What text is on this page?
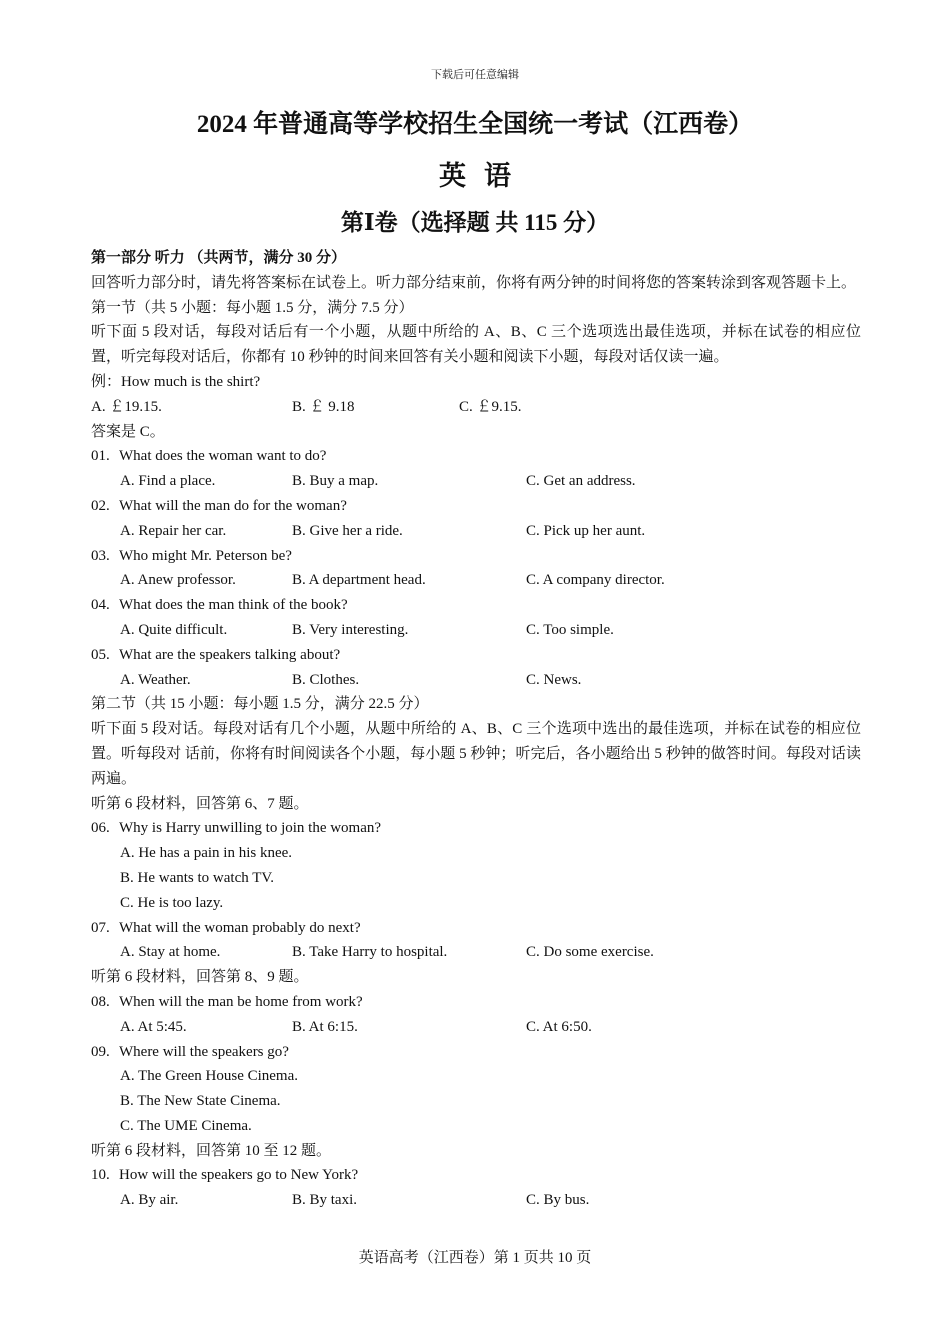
下载后可任意编辑
2024 年普通高等学校招生全国统一考试（江西卷）
英语
第Ⅰ卷（选择题 共 115 分）
第一部分 听力 （共两节，满分 30 分）
回答听力部分时，请先将答案标在试卷上。听力部分结束前，你将有两分钟的时间将您的答案转涂到客观答题卡上。
第一节（共 5 小题：每小题 1.5 分，满分 7.5 分）
听下面 5 段对话，每段对话后有一个小题，从题中所给的 A、B、C 三个选项选出最佳选项，并标在试卷的相应位置，听完每段对话后，你都有 10 秒钟的时间来回答有关小题和阅读下小题，每段对话仅读一遍。
例：How much is the shirt?
A. ￡19.15.	B. ￡ 9.18	C. ￡9.15.
答案是 C。
01. What does the woman want to do?
A. Find a place.	B. Buy a map.	C. Get an address.
02. What will the man do for the woman?
A. Repair her car.	B. Give her a ride.	C. Pick up her aunt.
03. Who might Mr. Peterson be?
A. Anew professor.	B. A department head.	C. A company director.
04. What does the man think of the book?
A. Quite difficult.	B. Very interesting.	C. Too simple.
05. What are the speakers talking about?
A. Weather.	B. Clothes.	C. News.
第二节（共 15 小题：每小题 1.5 分，满分 22.5 分）
听下面 5 段对话。每段对话有几个小题，从题中所给的 A、B、C 三个选项中选出的最佳选项，并标在试卷的相应位置。听每段对 话前，你将有时间阅读各个小题，每小题 5 秒钟；听完后，各小题给出 5 秒钟的做答时间。每段对话读两遍。
听第 6 段材料，回答第 6、7 题。
06. Why is Harry unwilling to join the woman?
A. He has a pain in his knee.
B. He wants to watch TV.
C. He is too lazy.
07. What will the woman probably do next?
A. Stay at home.	B. Take Harry to hospital.	C. Do some exercise.
听第 6 段材料，回答第 8、9 题。
08. When will the man be home from work?
A. At 5:45.	B. At 6:15.	C. At 6:50.
09. Where will the speakers go?
A. The Green House Cinema.
B. The New State Cinema.
C. The UME Cinema.
听第 6 段材料，回答第 10 至 12 题。
10. How will the speakers go to New York?
A. By air.	B. By taxi.	C. By bus.
英语高考（江西卷）第 1 页共 10 页
